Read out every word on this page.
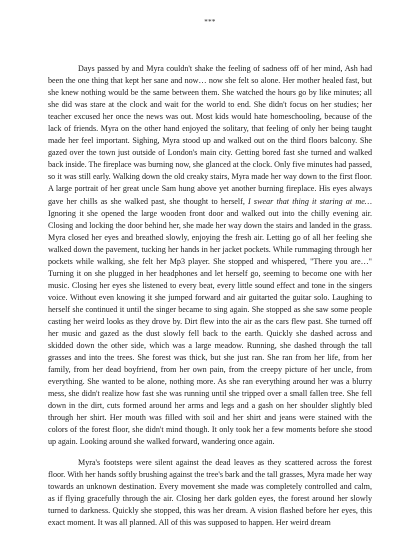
***

Days passed by and Myra couldn't shake the feeling of sadness off of her mind, Ash had been the one thing that kept her sane and now… now she felt so alone. Her mother healed fast, but she knew nothing would be the same between them. She watched the hours go by like minutes; all she did was stare at the clock and wait for the world to end. She didn't focus on her studies; her teacher excused her once the news was out. Most kids would hate homeschooling, because of the lack of friends. Myra on the other hand enjoyed the solitary, that feeling of only her being taught made her feel important. Sighing, Myra stood up and walked out on the third floors balcony. She gazed over the town just outside of London's main city. Getting bored fast she turned and walked back inside. The fireplace was burning now, she glanced at the clock. Only five minutes had passed, so it was still early. Walking down the old creaky stairs, Myra made her way down to the first floor. A large portrait of her great uncle Sam hung above yet another burning fireplace. His eyes always gave her chills as she walked past, she thought to herself, I swear that thing it staring at me… Ignoring it she opened the large wooden front door and walked out into the chilly evening air. Closing and locking the door behind her, she made her way down the stairs and landed in the grass. Myra closed her eyes and breathed slowly, enjoying the fresh air. Letting go of all her feeling she walked down the pavement, tucking her hands in her jacket pockets. While rummaging through her pockets while walking, she felt her Mp3 player. She stopped and whispered, "There you are…" Turning it on she plugged in her headphones and let herself go, seeming to become one with her music. Closing her eyes she listened to every beat, every little sound effect and tone in the singers voice. Without even knowing it she jumped forward and air guitarted the guitar solo. Laughing to herself she continued it until the singer became to sing again. She stopped as she saw some people casting her weird looks as they drove by. Dirt flew into the air as the cars flew past. She turned off her music and gazed as the dust slowly fell back to the earth. Quickly she dashed across and skidded down the other side, which was a large meadow. Running, she dashed through the tall grasses and into the trees. She forest was thick, but she just ran. She ran from her life, from her family, from her dead boyfriend, from her own pain, from the creepy picture of her uncle, from everything. She wanted to be alone, nothing more. As she ran everything around her was a blurry mess, she didn't realize how fast she was running until she tripped over a small fallen tree. She fell down in the dirt, cuts formed around her arms and legs and a gash on her shoulder slightly bled through her shirt. Her mouth was filled with soil and her shirt and jeans were stained with the colors of the forest floor, she didn't mind though. It only took her a few moments before she stood up again. Looking around she walked forward, wandering once again.

Myra's footsteps were silent against the dead leaves as they scattered across the forest floor. With her hands softly brushing against the tree's bark and the tall grasses, Myra made her way towards an unknown destination. Every movement she made was completely controlled and calm, as if flying gracefully through the air. Closing her dark golden eyes, the forest around her slowly turned to darkness. Quickly she stopped, this was her dream. A vision flashed before her eyes, this exact moment. It was all planned. All of this was supposed to happen. Her weird dream
